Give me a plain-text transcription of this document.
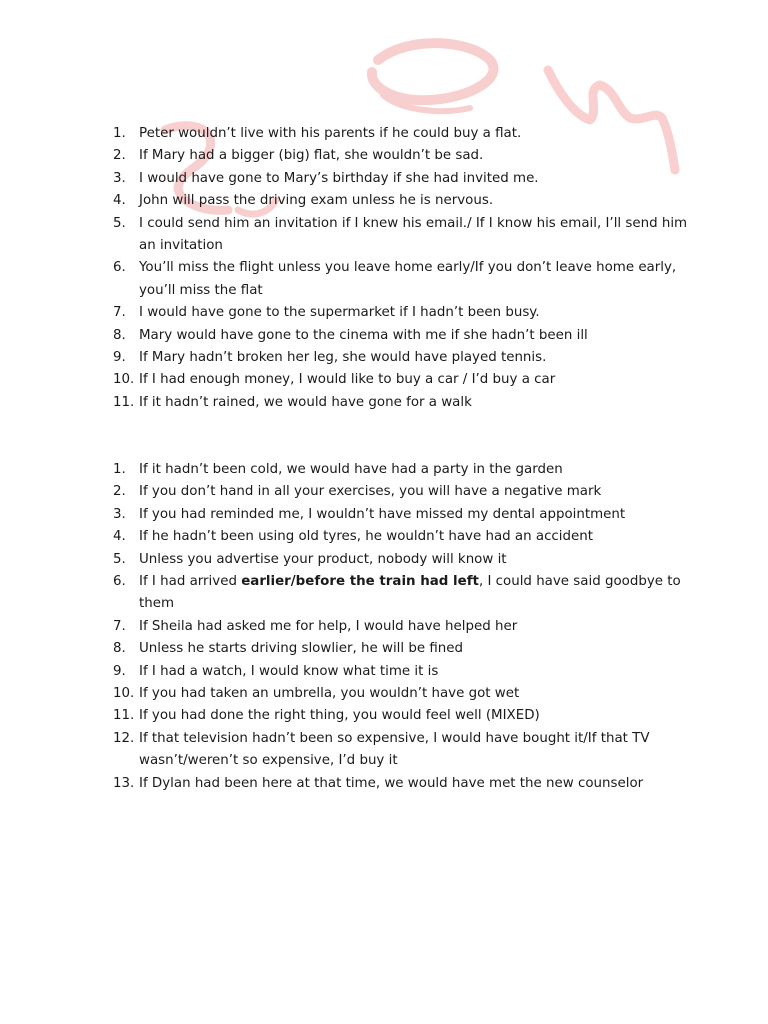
1. Peter wouldn’t live with his parents if he could buy a flat.
2. If Mary had a bigger (big) flat, she wouldn’t be sad.
3. I would have gone to Mary’s birthday if she had invited me.
4. John will pass the driving exam unless he is nervous.
5. I could send him an invitation if I knew his email./ If I know his email, I’ll send him an invitation
6. You’ll miss the flight unless you leave home early/If you don’t leave home early, you’ll miss the flat
7. I would have gone to the supermarket if I hadn’t been busy.
8. Mary would have gone to the cinema with me if she hadn’t been ill
9. If Mary hadn’t broken her leg, she would have played tennis.
10. If I had enough money, I would like to buy a car / I’d buy a car
11. If it hadn’t rained, we would have gone for a walk
1. If it hadn’t been cold, we would have had a party in the garden
2. If you don’t hand in all your exercises, you will have a negative mark
3. If you had reminded me, I wouldn’t have missed my dental appointment
4. If he hadn’t been using old tyres, he wouldn’t have had an accident
5. Unless you advertise your product, nobody will know it
6. If I had arrived earlier/before the train had left, I could have said goodbye to them
7. If Sheila had asked me for help, I would have helped her
8. Unless he starts driving slowlier, he will be fined
9. If I had a watch, I would know what time it is
10. If you had taken an umbrella, you wouldn’t have got wet
11. If you had done the right thing, you would feel well (MIXED)
12. If that television hadn’t been so expensive, I would have bought it/If that TV wasn’t/weren’t so expensive, I’d buy it
13. If Dylan had been here at that time, we would have met the new counselor
